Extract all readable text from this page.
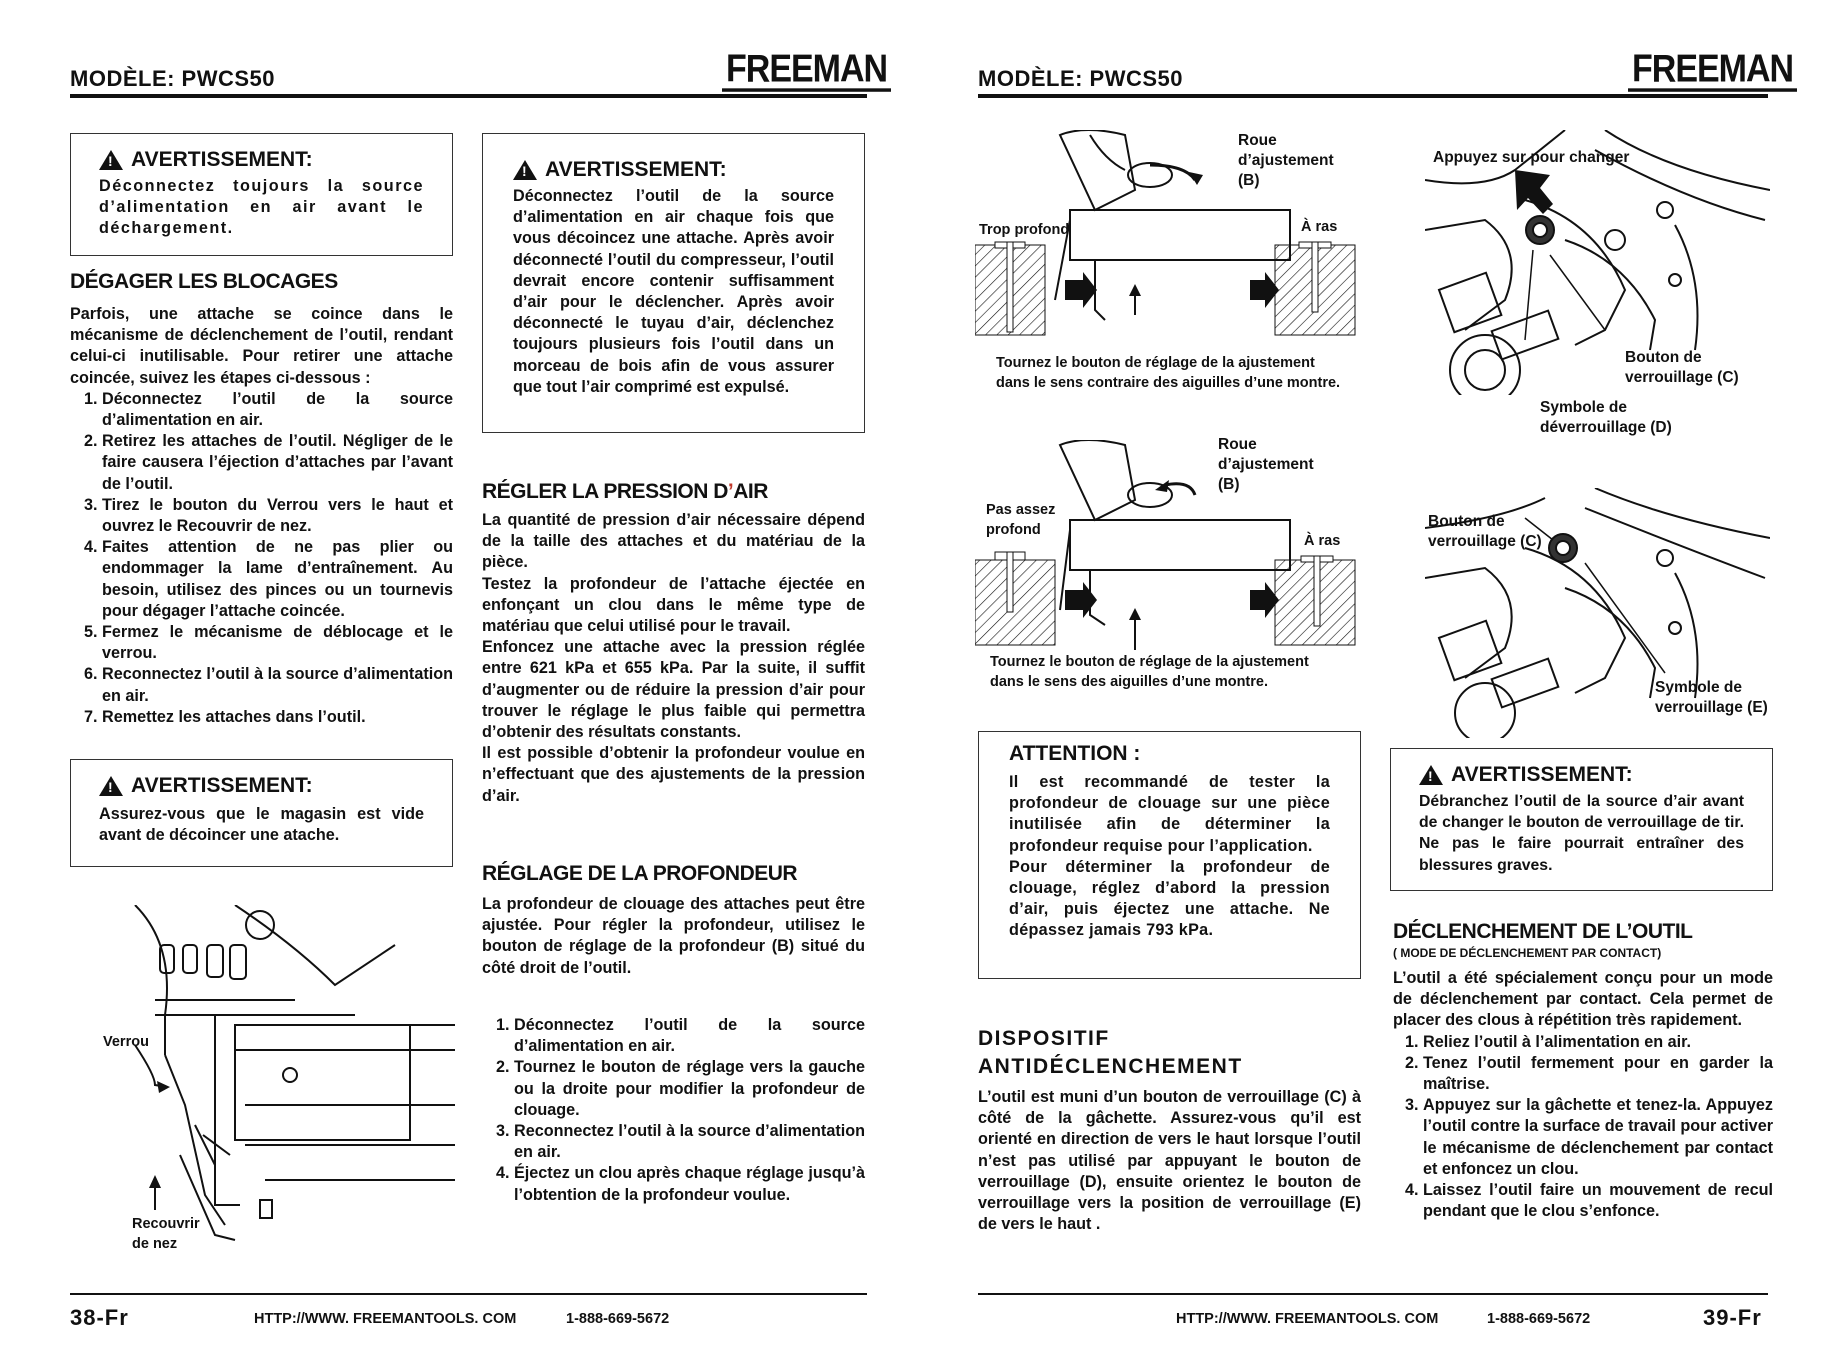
MODÈLE: PWCS50	FREEMAN
!
AVERTISSEMENT:
Déconnectez toujours la source d’alimentation en air avant le déchargement.
DÉGAGER LES BLOCAGES
Parfois, une attache se coince dans le mécanisme de déclenchement de l’outil, rendant celui-ci inutilisable. Pour retirer une attache coincée, suivez les étapes ci-dessous :
1. Déconnectez l’outil de la source d’alimentation en air.
2. Retirez les attaches de l’outil. Négliger de le faire causera l’éjection d’attaches par l’avant de l’outil.
3. Tirez le bouton du Verrou vers le haut et ouvrez le Recouvrir de nez.
4. Faites attention de ne pas plier ou endommager la lame d’entraînement. Au besoin, utilisez des pinces ou un tournevis pour dégager l’attache coincée.
5. Fermez le mécanisme de déblocage et le verrou.
6. Reconnectez l’outil à la source d’alimentation en air.
7. Remettez les attaches dans l’outil.
!
AVERTISSEMENT:
Assurez-vous que le magasin est vide avant de décoincer une atache.
Verrou
Recouvrir
de nez
!
AVERTISSEMENT:
Déconnectez l’outil de la source d’alimentation en air chaque fois que vous décoincez une attache. Après avoir déconnecté l’outil du compresseur, l’outil devrait encore contenir suffisamment d’air pour le déclencher. Après avoir déconnecté le tuyau d’air, déclenchez toujours plusieurs fois l’outil dans un morceau de bois afin de vous assurer que tout l’air comprimé est expulsé.
RÉGLER LA PRESSION D’AIR
La quantité de pression d’air nécessaire dépend de la taille des attaches et du matériau de la pièce.
Testez la profondeur de l’attache éjectée en enfonçant un clou dans le même type de matériau que celui utilisé pour le travail.
Enfoncez une attache avec la pression réglée entre 621 kPa et 655 kPa. Par la suite, il suffit d’augmenter ou de réduire la pression d’air pour trouver le réglage le plus faible qui permettra d’obtenir des résultats constants.
Il est possible d’obtenir la profondeur voulue en n’effectuant que des ajustements de la pression d’air.
RÉGLAGE DE LA PROFONDEUR
La profondeur de clouage des attaches peut être ajustée. Pour régler la profondeur, utilisez le bouton de réglage de la profondeur (B) situé du côté droit de l’outil.
1. Déconnectez l’outil de la source d’alimentation en air.
2. Tournez le bouton de réglage vers la gauche ou la droite pour modifier la profondeur de clouage.
3. Reconnectez l’outil à la source d’alimentation en air.
4. Éjectez un clou après chaque réglage jusqu’à l’obtention de la profondeur voulue.
38-Fr	HTTP://WWW. FREEMANTOOLS. COM	1-888-669-5672
MODÈLE: PWCS50	FREEMAN
Roue
d’ajustement
(B)
Trop profond	À ras
Tournez le bouton de réglage de la ajustement
dans le sens contraire des aiguilles d’une montre.
Roue
d’ajustement
(B)
Pas assez
profond
À ras
Tournez le bouton de réglage de la ajustement
dans le sens des aiguilles d’une montre.
Appuyez sur pour changer
Bouton de
verrouillage (C)
Symbole de
déverrouillage (D)
Bouton de
verrouillage (C)
Symbole de
verrouillage (E)
ATTENTION :
Il est recommandé de tester la profondeur de clouage sur une pièce inutilisée afin de déterminer la profondeur requise pour l’application.
Pour déterminer la profondeur de clouage, réglez d’abord la pression d’air, puis éjectez une attache. Ne dépassez jamais 793 kPa.
DISPOSITIF
ANTIDÉCLENCHEMENT
L’outil est muni d’un bouton de verrouillage (C) à côté de la gâchette. Assurez-vous qu’il est orienté en direction de vers le haut lorsque l’outil n’est pas utilisé par appuyant le bouton de verrouillage (D), ensuite orientez le bouton de verrouillage vers la position de verrouillage (E) de vers le haut .
!
AVERTISSEMENT:
Débranchez l’outil de la source d’air avant de changer le bouton de verrouillage de tir. Ne pas le faire pourrait entraîner des blessures graves.
DÉCLENCHEMENT DE L’OUTIL
( MODE DE DÉCLENCHEMENT PAR CONTACT)
L’outil a été spécialement conçu pour un mode de déclenchement par contact. Cela permet de placer des clous à répétition très rapidement.
1. Reliez l’outil à l’alimentation en air.
2. Tenez l’outil fermement pour en garder la maîtrise.
3. Appuyez sur la gâchette et tenez-la. Appuyez l’outil contre la surface de travail pour activer le mécanisme de déclenchement par contact et enfoncez un clou.
4. Laissez l’outil faire un mouvement de recul pendant que le clou s’enfonce.
HTTP://WWW. FREEMANTOOLS. COM	1-888-669-5672	39-Fr
